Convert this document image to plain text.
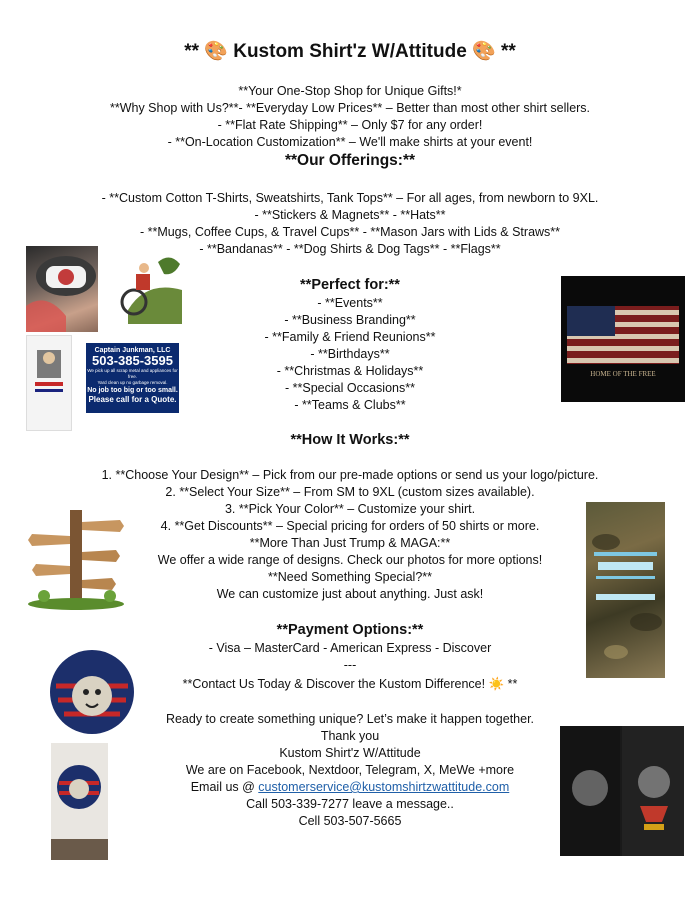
** 🎨 Kustom Shirt'z W/Attitude 🎨 **
**Your One-Stop Shop for Unique Gifts!*
**Why Shop with Us?**- **Everyday Low Prices** – Better than most other shirt sellers.
- **Flat Rate Shipping** – Only $7 for any order!
- **On-Location Customization** – We'll make shirts at your event!
**Our Offerings:**
- **Custom Cotton T-Shirts, Sweatshirts, Tank Tops** – For all ages, from newborn to 9XL.
- **Stickers & Magnets** - **Hats**
- **Mugs, Coffee Cups, & Travel Cups** - **Mason Jars with Lids & Straws**
- **Bandanas** - **Dog Shirts & Dog Tags** - **Flags**
**Perfect for:**
- **Events**
- **Business Branding**
- **Family & Friend Reunions**
- **Birthdays**
- **Christmas & Holidays**
- **Special Occasions**
- **Teams & Clubs**
**How It Works:**
1. **Choose Your Design** – Pick from our pre-made options or send us your logo/picture.
2. **Select Your Size** – From SM to 9XL (custom sizes available).
3. **Pick Your Color** – Customize your shirt.
4. **Get Discounts** – Special pricing for orders of 50 shirts or more.
**More Than Just Trump & MAGA:**
We offer a wide range of designs. Check our photos for more options!
**Need Something Special?**
We can customize just about anything. Just ask!
**Payment Options:**
- Visa – MasterCard - American Express - Discover
---
**Contact Us Today & Discover the Kustom Difference! ☀️ **
Ready to create something unique? Let’s make it happen together.
Thank you
Kustom Shirt'z W/Attitude
We are on Facebook, Nextdoor, Telegram, X, MeWe +more
Email us @ customerservice@kustomshirtzwattitude.com
Call 503-339-7277 leave a message..
Cell 503-507-5665
Captain Junkman, LLC
503-385-3595
We pick up all scrap metal and appliances for free.
Yard clean up no garbage removal.
No job too big or too small.
Please call for a Quote.
HOME OF THE FREE
